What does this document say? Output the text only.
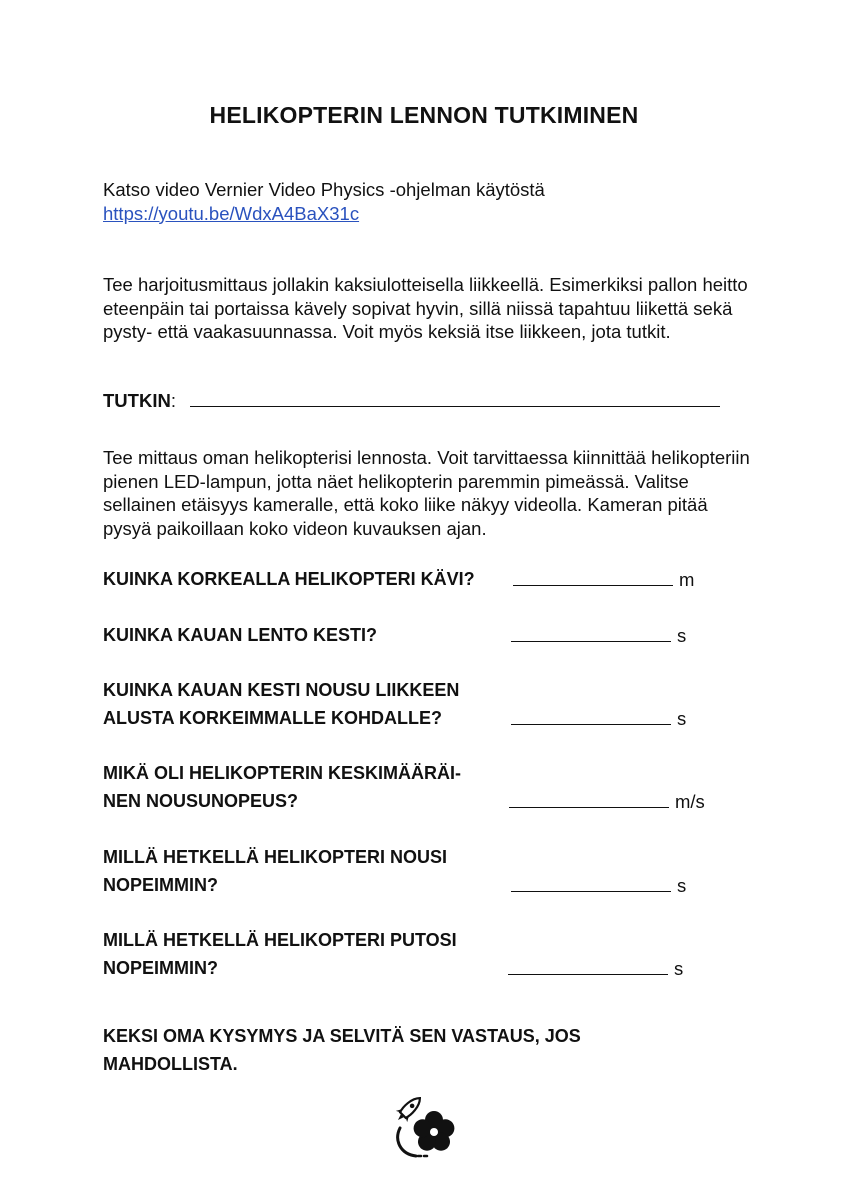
HELIKOPTERIN LENNON TUTKIMINEN

Katso video Vernier Video Physics -ohjelman käytöstä

https://youtu.be/WdxA4BaX31c

Tee harjoitusmittaus jollakin kaksiulotteisella liikkeellä. Esimerkiksi pallon heitto eteenpäin tai portaissa kävely sopivat hyvin, sillä niissä tapahtuu liikettä sekä pysty- että vaakasuunnassa. Voit myös keksiä itse liikkeen, jota tutkit.

TUTKIN:

Tee mittaus oman helikopterisi lennosta. Voit tarvittaessa kiinnittää helikopteriin pienen LED-lampun, jotta näet helikopterin paremmin pimeässä. Valitse sellainen etäisyys kameralle, että koko liike näkyy videolla. Kameran pitää pysyä paikoillaan koko videon kuvauksen ajan.

KUINKA KORKEALLA HELIKOPTERI KÄVI?	m
KUINKA KAUAN LENTO KESTI?	s
KUINKA KAUAN KESTI NOUSU LIIKKEEN
ALUSTA KORKEIMMALLE KOHDALLE?	s
MIKÄ OLI HELIKOPTERIN KESKIMÄÄRÄI-
NEN NOUSUNOPEUS?	m/s
MILLÄ HETKELLÄ HELIKOPTERI NOUSI
NOPEIMMIN?	s
MILLÄ HETKELLÄ HELIKOPTERI PUTOSI
NOPEIMMIN?	s
KEKSI OMA KYSYMYS JA SELVITÄ SEN VASTAUS, JOS
MAHDOLLISTA.
